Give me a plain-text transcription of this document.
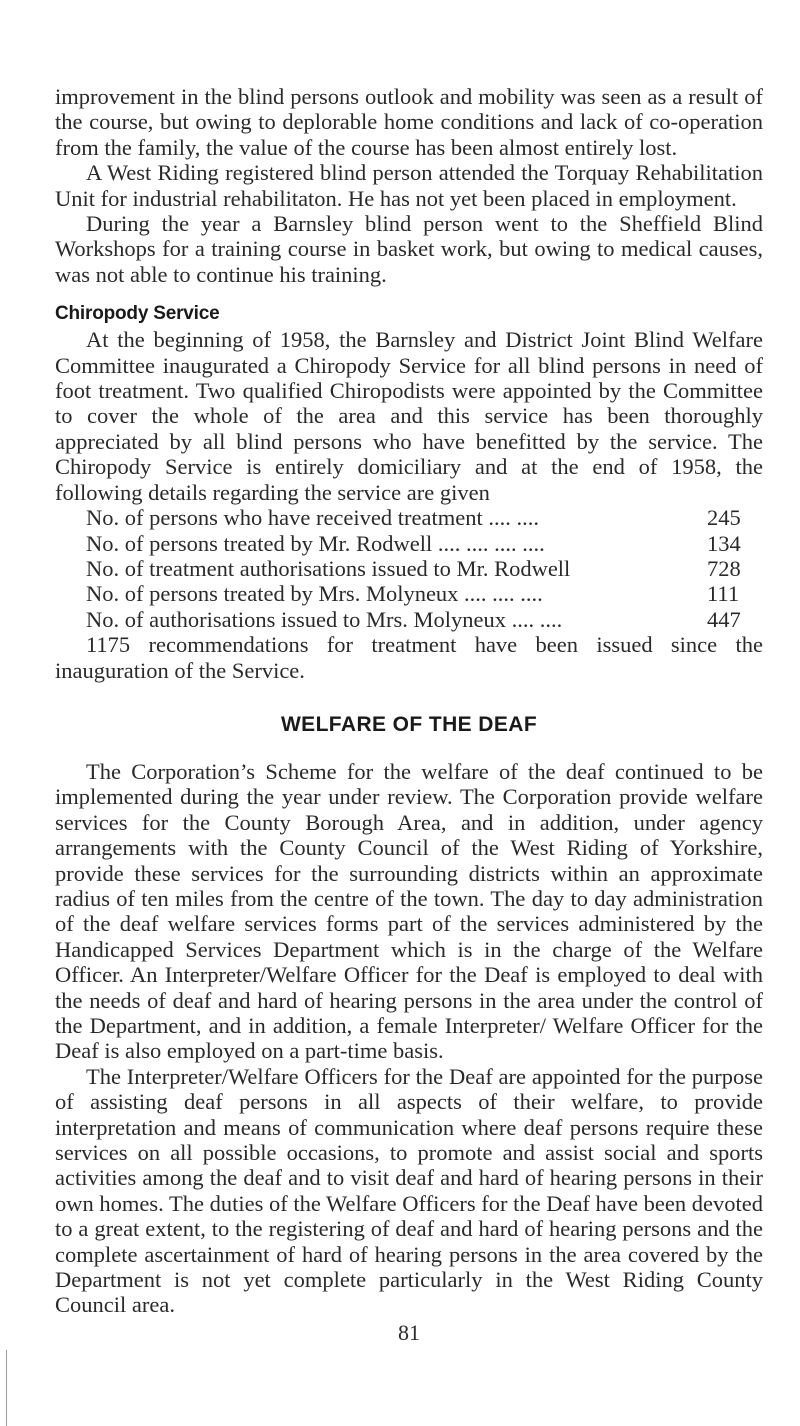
improvement in the blind persons outlook and mobility was seen as a result of the course, but owing to deplorable home conditions and lack of co-operation from the family, the value of the course has been almost entirely lost.

A West Riding registered blind person attended the Torquay Rehabilitation Unit for industrial rehabilitaton. He has not yet been placed in employment.

During the year a Barnsley blind person went to the Sheffield Blind Workshops for a training course in basket work, but owing to medical causes, was not able to continue his training.

Chiropody Service

At the beginning of 1958, the Barnsley and District Joint Blind Welfare Committee inaugurated a Chiropody Service for all blind persons in need of foot treatment. Two qualified Chiropodists were appointed by the Committee to cover the whole of the area and this service has been thoroughly appreciated by all blind persons who have benefitted by the service. The Chiropody Service is entirely domiciliary and at the end of 1958, the following details regarding the service are given

No. of persons who have received treatment .... ....	245
No. of persons treated by Mr. Rodwell .... .... .... ....	134
No. of treatment authorisations issued to Mr. Rodwell	728
No. of persons treated by Mrs. Molyneux .... .... ....	111
No. of authorisations issued to Mrs. Molyneux .... ....	447

1175 recommendations for treatment have been issued since the inauguration of the Service.

WELFARE OF THE DEAF

The Corporation’s Scheme for the welfare of the deaf continued to be implemented during the year under review. The Corporation provide welfare services for the County Borough Area, and in addition, under agency arrangements with the County Council of the West Riding of Yorkshire, provide these services for the surrounding districts within an approximate radius of ten miles from the centre of the town. The day to day administration of the deaf welfare services forms part of the services administered by the Handicapped Services Department which is in the charge of the Welfare Officer. An Interpreter/Welfare Officer for the Deaf is employed to deal with the needs of deaf and hard of hearing persons in the area under the control of the Department, and in addition, a female Interpreter/ Welfare Officer for the Deaf is also employed on a part-time basis.

The Interpreter/Welfare Officers for the Deaf are appointed for the purpose of assisting deaf persons in all aspects of their welfare, to provide interpretation and means of communication where deaf persons require these services on all possible occasions, to promote and assist social and sports activities among the deaf and to visit deaf and hard of hearing persons in their own homes. The duties of the Welfare Officers for the Deaf have been devoted to a great extent, to the registering of deaf and hard of hearing persons and the complete ascertainment of hard of hearing persons in the area covered by the Department is not yet complete particularly in the West Riding County Council area.

81
